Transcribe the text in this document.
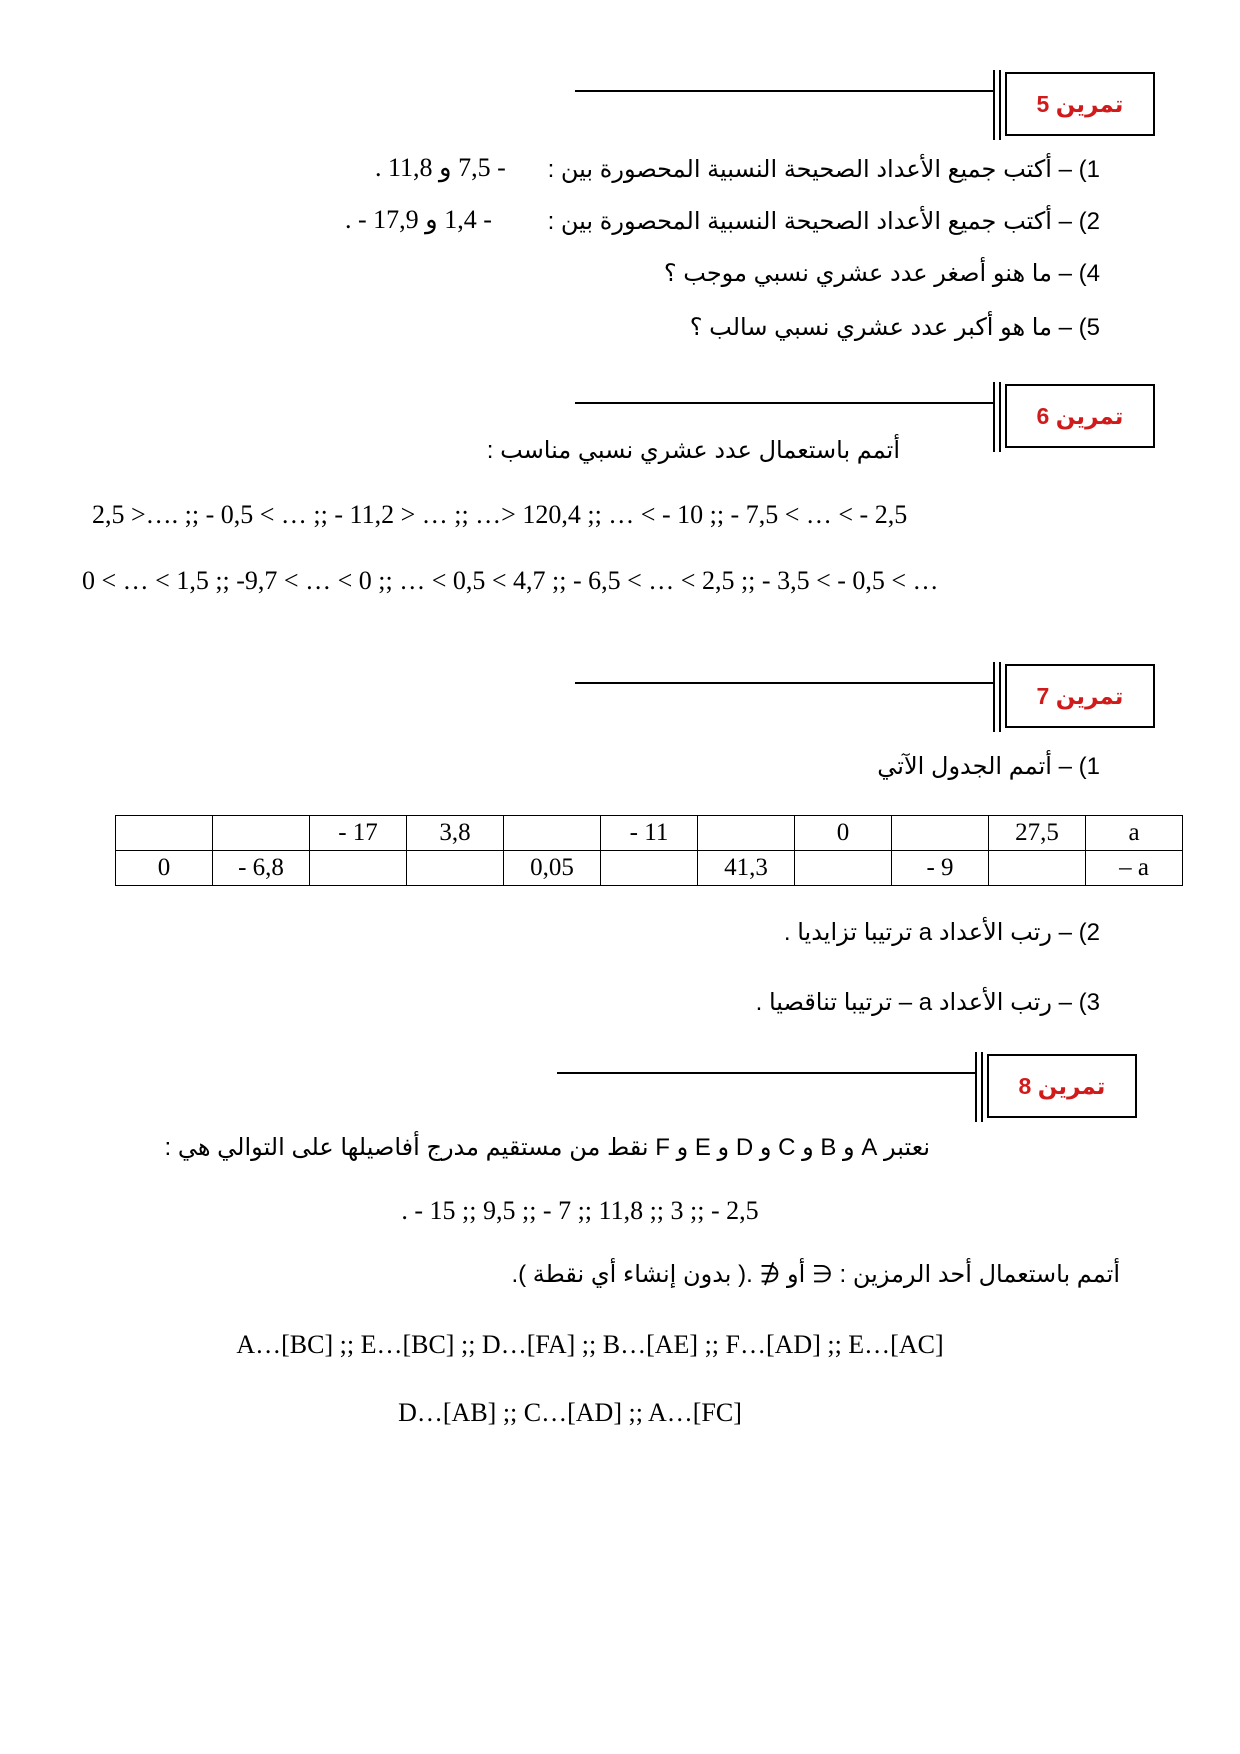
تمرين 5
1) – أكتب جميع الأعداد الصحيحة النسبية المحصورة بين :
- 7,5 و 11,8 .
2) – أكتب جميع الأعداد الصحيحة النسبية المحصورة بين :
- 1,4 و 17,9 - .
4) – ما هنو أصغر عدد عشري نسبي موجب ؟
5) – ما هو أكبر عدد عشري نسبي سالب ؟
تمرين 6
أتمم باستعمال عدد عشري نسبي مناسب :
2,5 >…. ;; - 0,5 < … ;; - 11,2 > … ;; …> 120,4 ;; … < - 10 ;; - 7,5 < … < - 2,5
0 < … < 1,5 ;; -9,7 < … < 0 ;; … < 0,5 < 4,7 ;; - 6,5 < … < 2,5 ;; - 3,5 < - 0,5 < …
تمرين 7
1) – أتمم الجدول الآتي
		- 17	3,8		- 11		0		27,5	a
0	- 6,8			0,05		41,3		- 9		– a
2) – رتب الأعداد a ترتيبا تزايديا .
3) – رتب الأعداد a – ترتيبا تناقصيا .
تمرين 8
نعتبر A و B و C و D و E و F نقط من مستقيم مدرج أفاصيلها على التوالي هي :
. - 15 ;; 9,5 ;; - 7 ;; 11,8 ;; 3 ;; - 2,5
أتمم باستعمال أحد الرمزين : ∈ أو ∉ .( بدون إنشاء أي نقطة ).
A…[BC] ;; E…[BC] ;; D…[FA] ;; B…[AE] ;; F…[AD] ;; E…[AC]
D…[AB] ;; C…[AD] ;; A…[FC]
